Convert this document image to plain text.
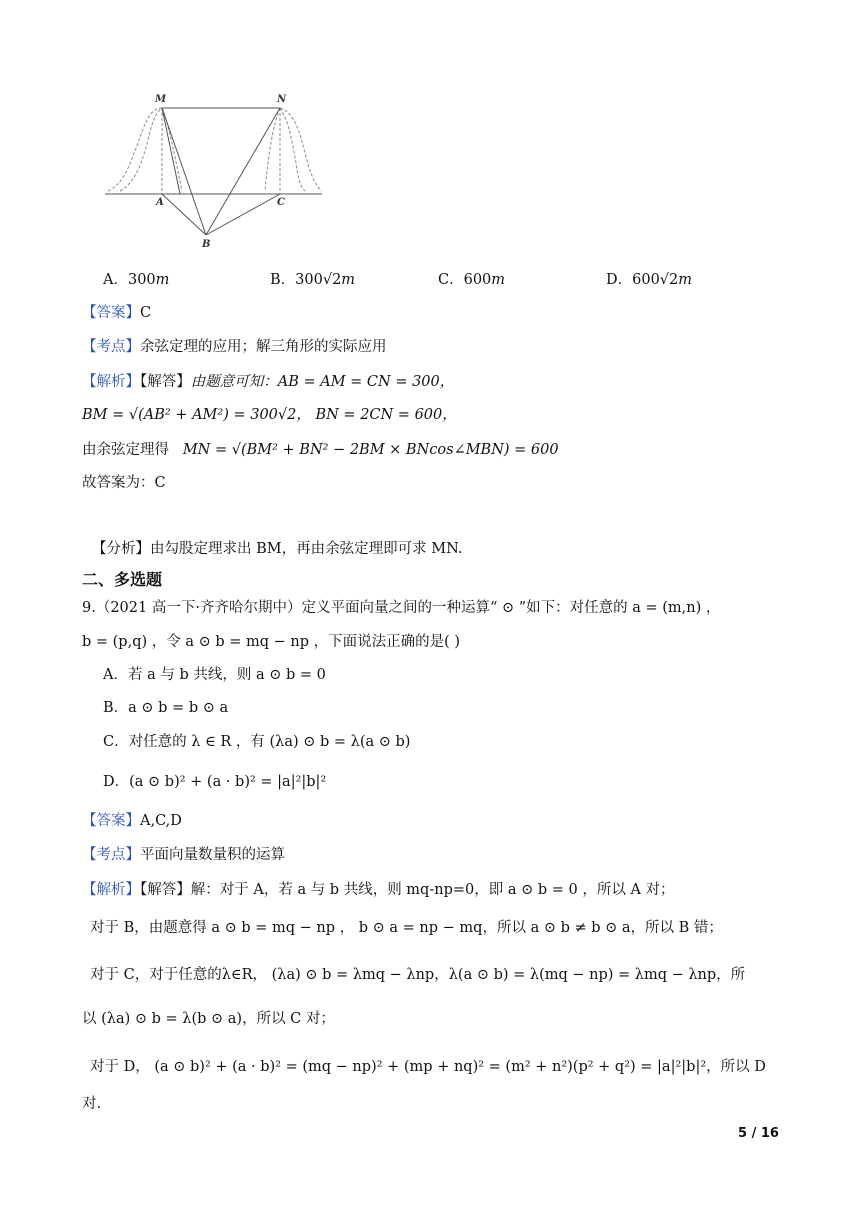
M	N
A	C
B
A．300𝑚	B．300√2𝑚	C．600𝑚	D．600√2𝑚
【答案】C
【考点】余弦定理的应用；解三角形的实际应用
【解析】【解答】由题意可知：AB = AM = CN = 300，
BM = √(AB² + AM²) = 300√2， BN = 2CN = 600，
由余弦定理得 MN = √(BM² + BN² − 2BM × BNcos∠MBN) = 600
故答案为：C
【分析】由勾股定理求出 BM，再由余弦定理即可求 MN.
二、多选题
9.（2021 高一下·齐齐哈尔期中）定义平面向量之间的一种运算“ ⊙ ”如下：对任意的 a = (m,n) ，
b = (p,q) ，令 a ⊙ b = mq − np ，下面说法正确的是( )
A．若 a 与 b 共线，则 a ⊙ b = 0
B．a ⊙ b = b ⊙ a
C．对任意的 λ ∈ R ，有 (λa) ⊙ b = λ(a ⊙ b)
D．(a ⊙ b)² + (a · b)² = |a|²|b|²
【答案】A,C,D
【考点】平面向量数量积的运算
【解析】【解答】解：对于 A，若 a 与 b 共线，则 mq-np=0，即 a ⊙ b = 0 ，所以 A 对；
对于 B，由题意得 a ⊙ b = mq − np ， b ⊙ a = np − mq，所以 a ⊙ b ≠ b ⊙ a，所以 B 错；
对于 C，对于任意的λ∈R， (λa) ⊙ b = λmq − λnp，λ(a ⊙ b) = λ(mq − np) = λmq − λnp，所
以 (λa) ⊙ b = λ(b ⊙ a)，所以 C 对；
对于 D， (a ⊙ b)² + (a · b)² = (mq − np)² + (mp + nq)² = (m² + n²)(p² + q²) = |a|²|b|²，所以 D
对.
5 / 16
